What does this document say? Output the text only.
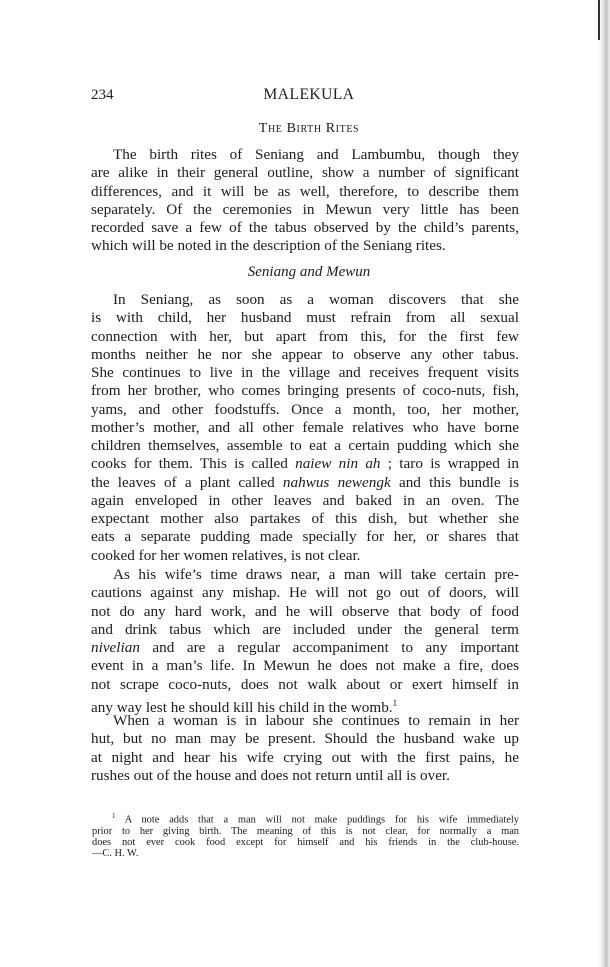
234	MALEKULA
The Birth Rites
The birth rites of Seniang and Lambumbu, though they
are alike in their general outline, show a number of significant
differences, and it will be as well, therefore, to describe them
separately. Of the ceremonies in Mewun very little has been
recorded save a few of the tabus observed by the child’s parents,
which will be noted in the description of the Seniang rites.
Seniang and Mewun
In Seniang, as soon as a woman discovers that she
is with child, her husband must refrain from all sexual
connection with her, but apart from this, for the first few
months neither he nor she appear to observe any other tabus.
She continues to live in the village and receives frequent visits
from her brother, who comes bringing presents of coco-nuts, fish,
yams, and other foodstuffs. Once a month, too, her mother,
mother’s mother, and all other female relatives who have borne
children themselves, assemble to eat a certain pudding which she
cooks for them. This is called naiew nin ah ; taro is wrapped in
the leaves of a plant called nahwus newengk and this bundle is
again enveloped in other leaves and baked in an oven. The
expectant mother also partakes of this dish, but whether she
eats a separate pudding made specially for her, or shares that
cooked for her women relatives, is not clear.
As his wife’s time draws near, a man will take certain pre-
cautions against any mishap. He will not go out of doors, will
not do any hard work, and he will observe that body of food
and drink tabus which are included under the general term
nivelian and are a regular accompaniment to any important
event in a man’s life. In Mewun he does not make a fire, does
not scrape coco-nuts, does not walk about or exert himself in
any way lest he should kill his child in the womb.$^1$
When a woman is in labour she continues to remain in her
hut, but no man may be present. Should the husband wake up
at night and hear his wife crying out with the first pains, he
rushes out of the house and does not return until all is over.
$^1$ A note adds that a man will not make puddings for his wife immediately
prior to her giving birth. The meaning of this is not clear, for normally a man
does not ever cook food except for himself and his friends in the club-house.
—C. H. W.
